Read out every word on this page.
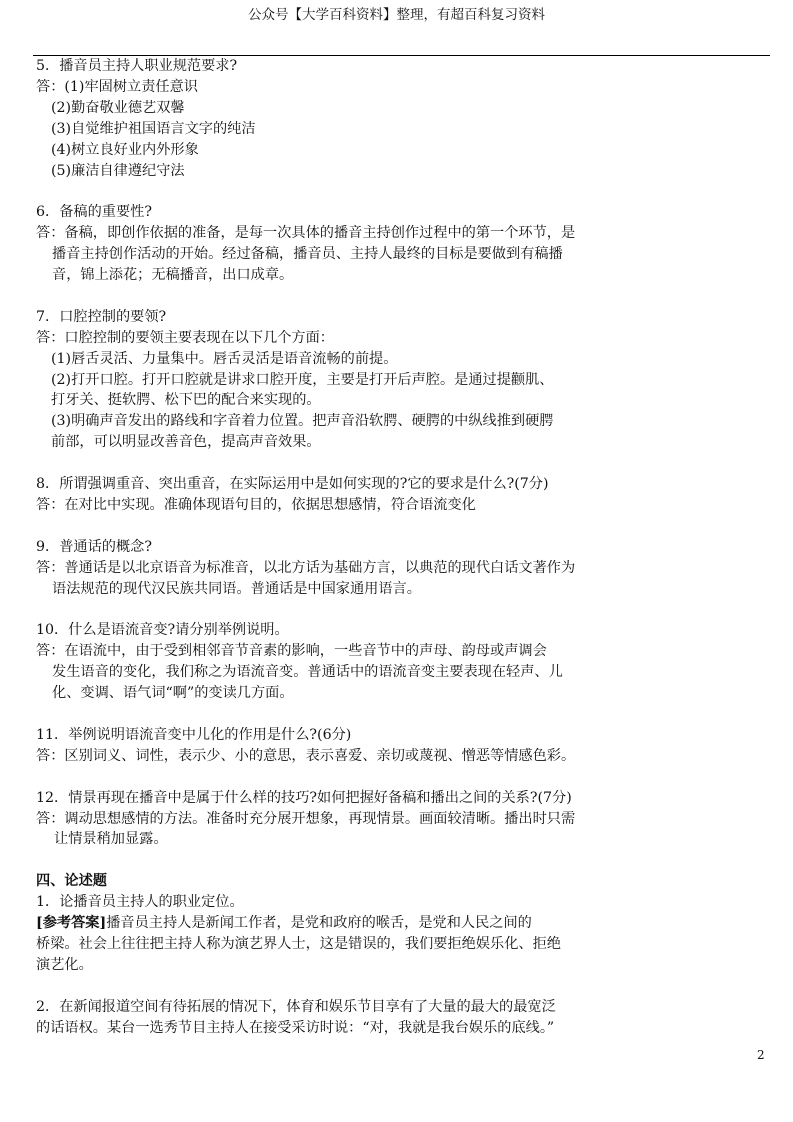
公众号【大学百科资料】整理，有超百科复习资料
5．播音员主持人职业规范要求?
答：(1)牢固树立责任意识
(2)勤奋敬业德艺双馨
(3)自觉维护祖国语言文字的纯洁
(4)树立良好业内外形象
(5)廉洁自律遵纪守法
6．备稿的重要性?
答：备稿，即创作依据的准备，是每一次具体的播音主持创作过程中的第一个环节，是
播音主持创作活动的开始。经过备稿，播音员、主持人最终的目标是要做到有稿播
音，锦上添花；无稿播音，出口成章。
7．口腔控制的要领?
答：口腔控制的要领主要表现在以下几个方面：
(1)唇舌灵活、力量集中。唇舌灵活是语音流畅的前提。
(2)打开口腔。打开口腔就是讲求口腔开度，主要是打开后声腔。是通过提颧肌、
打牙关、挺软腭、松下巴的配合来实现的。
(3)明确声音发出的路线和字音着力位置。把声音沿软腭、硬腭的中纵线推到硬腭
前部，可以明显改善音色，提高声音效果。
8．所谓强调重音、突出重音，在实际运用中是如何实现的?它的要求是什么?(7分)
答：在对比中实现。准确体现语句目的，依据思想感情，符合语流变化
9．普通话的概念?
答：普通话是以北京语音为标准音，以北方话为基础方言，以典范的现代白话文著作为
语法规范的现代汉民族共同语。普通话是中国家通用语言。
10．什么是语流音变?请分别举例说明。
答：在语流中，由于受到相邻音节音素的影响，一些音节中的声母、韵母或声调会
发生语音的变化，我们称之为语流音变。普通话中的语流音变主要表现在轻声、儿
化、变调、语气词“啊”的变读几方面。
11．举例说明语流音变中儿化的作用是什么?(6分)
答：区别词义、词性，表示少、小的意思，表示喜爱、亲切或蔑视、憎恶等情感色彩。
12．情景再现在播音中是属于什么样的技巧?如何把握好备稿和播出之间的关系?(7分)
答：调动思想感情的方法。准备时充分展开想象，再现情景。画面较清晰。播出时只需
让情景稍加显露。
四、论述题
1．论播音员主持人的职业定位。
[参考答案]播音员主持人是新闻工作者，是党和政府的喉舌，是党和人民之间的
桥梁。社会上往往把主持人称为演艺界人士，这是错误的，我们要拒绝娱乐化、拒绝
演艺化。
2．在新闻报道空间有待拓展的情况下，体育和娱乐节目享有了大量的最大的最宽泛
的话语权。某台一选秀节目主持人在接受采访时说：“对，我就是我台娱乐的底线。”
2
